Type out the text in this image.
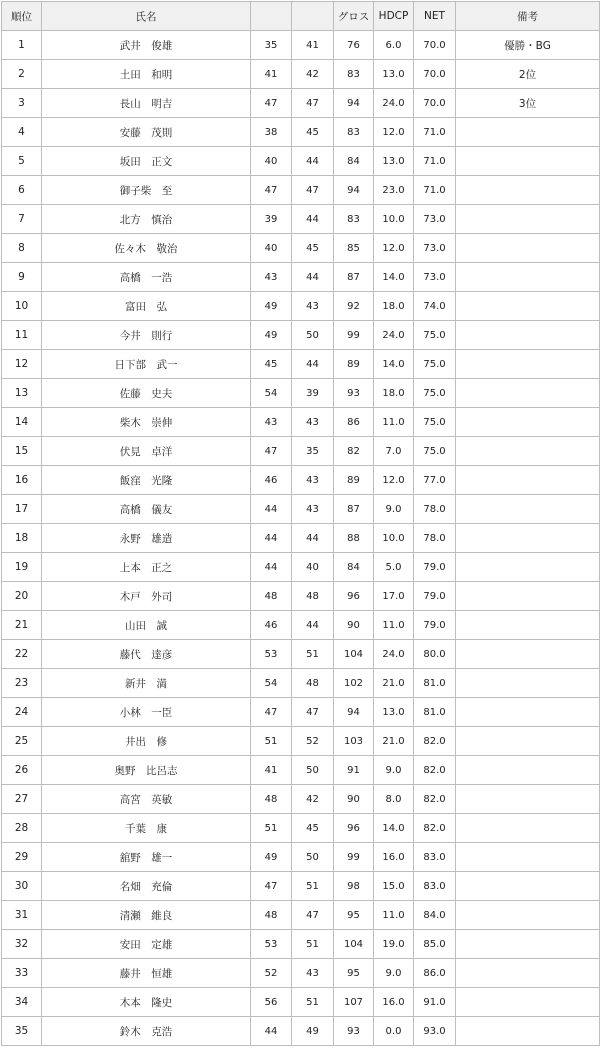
順位	氏名			グロス	HDCP	NET	備考
1	武井　俊雄	35	41	76	6.0	70.0	優勝・BG
2	土田　和明	41	42	83	13.0	70.0	2位
3	長山　明吉	47	47	94	24.0	70.0	3位
4	安藤　茂則	38	45	83	12.0	71.0	
5	坂田　正文	40	44	84	13.0	71.0	
6	御子柴　至	47	47	94	23.0	71.0	
7	北方　慎治	39	44	83	10.0	73.0	
8	佐々木　敬治	40	45	85	12.0	73.0	
9	高橋　一浩	43	44	87	14.0	73.0	
10	富田　弘	49	43	92	18.0	74.0	
11	今井　則行	49	50	99	24.0	75.0	
12	日下部　武一	45	44	89	14.0	75.0	
13	佐藤　史夫	54	39	93	18.0	75.0	
14	柴木　崇伸	43	43	86	11.0	75.0	
15	伏見　卓洋	47	35	82	7.0	75.0	
16	飯窪　光隆	46	43	89	12.0	77.0	
17	高橋　儀友	44	43	87	9.0	78.0	
18	永野　雄造	44	44	88	10.0	78.0	
19	上本　正之	44	40	84	5.0	79.0	
20	木戸　外司	48	48	96	17.0	79.0	
21	山田　誠	46	44	90	11.0	79.0	
22	藤代　達彦	53	51	104	24.0	80.0	
23	新井　満	54	48	102	21.0	81.0	
24	小林　一臣	47	47	94	13.0	81.0	
25	井出　修	51	52	103	21.0	82.0	
26	奥野　比呂志	41	50	91	9.0	82.0	
27	高宮　英敏	48	42	90	8.0	82.0	
28	千葉　康	51	45	96	14.0	82.0	
29	舘野　雄一	49	50	99	16.0	83.0	
30	名畑　充倫	47	51	98	15.0	83.0	
31	清瀬　維良	48	47	95	11.0	84.0	
32	安田　定雄	53	51	104	19.0	85.0	
33	藤井　恒雄	52	43	95	9.0	86.0	
34	木本　隆史	56	51	107	16.0	91.0	
35	鈴木　克浩	44	49	93	0.0	93.0	
